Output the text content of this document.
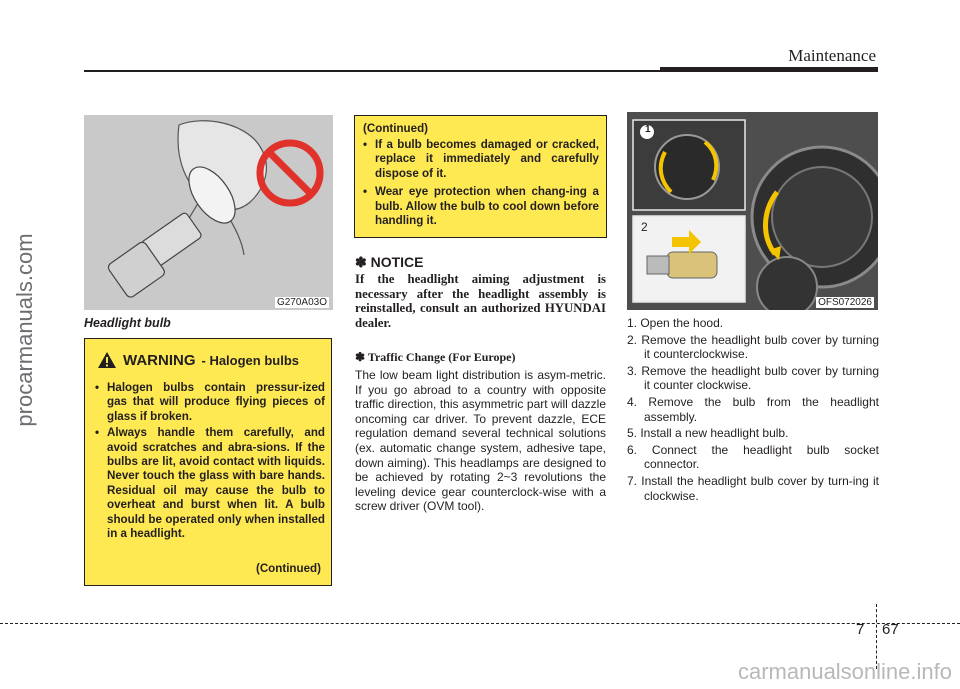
Maintenance
procarmanuals.com	G270A03O
Headlight bulb
WARNING - Halogen bulbs
• Halogen bulbs contain pressur-ized gas that will produce flying pieces of glass if broken.
• Always handle them carefully, and avoid scratches and abra-sions. If the bulbs are lit, avoid contact with liquids. Never touch the glass with bare hands. Residual oil may cause the bulb to overheat and burst when lit. A bulb should be operated only when installed in a headlight.
(Continued)
(Continued)
• If a bulb becomes damaged or cracked, replace it immediately and carefully dispose of it.
• Wear eye protection when chang-ing a bulb. Allow the bulb to cool down before handling it.
✽ NOTICE
If the headlight aiming adjustment is necessary after the headlight assembly is reinstalled, consult an authorized HYUNDAI dealer.
✽ Traffic Change (For Europe)
The low beam light distribution is asym-metric. If you go abroad to a country with opposite traffic direction, this asymmetric part will dazzle oncoming car driver. To prevent dazzle, ECE regulation demand several technical solutions (ex. automatic change system, adhesive tape, down aiming). This headlamps are designed to be achieved by rotating 2~3 revolutions the leveling device gear counterclock-wise with a screw driver (OVM tool).
1
2
OFS072026
1. Open the hood.
2. Remove the headlight bulb cover by turning it counterclockwise.
3. Remove the headlight bulb cover by turning it counter clockwise.
4. Remove the bulb from the headlight assembly.
5. Install a new headlight bulb.
6. Connect the headlight bulb socket connector.
7. Install the headlight bulb cover by turn-ing it clockwise.
7 67
carmanualsonline.info
